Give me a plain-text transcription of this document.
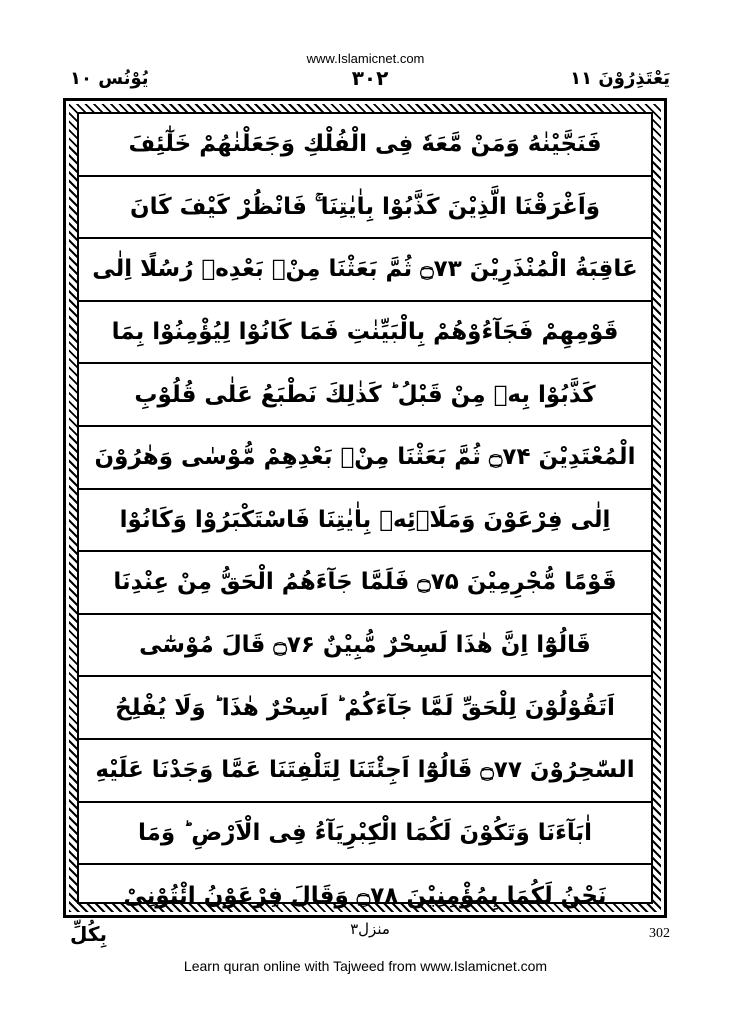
www.Islamicnet.com
یُوْنُس ۱۰	۳۰۲	یَعْتَذِرُوْنَ ۱۱
فَنَجَّيْنٰهُ وَمَنْ مَّعَهٗ فِى الْفُلْكِ وَجَعَلْنٰهُمْ خَلٰٓئِفَ
وَاَغْرَقْنَا الَّذِيْنَ كَذَّبُوْا بِاٰيٰتِنَا ۚ فَانْظُرْ كَيْفَ كَانَ
عَاقِبَةُ الْمُنْذَرِيْنَ ۝۷۳ ثُمَّ بَعَثْنَا مِنْۢ بَعْدِهٖ رُسُلًا اِلٰى
قَوْمِهِمْ فَجَآءُوْهُمْ بِالْبَيِّنٰتِ فَمَا كَانُوْا لِيُؤْمِنُوْا بِمَا
كَذَّبُوْا بِهٖ مِنْ قَبْلُ ؕ كَذٰلِكَ نَطْبَعُ عَلٰى قُلُوْبِ
الْمُعْتَدِيْنَ ۝۷۴ ثُمَّ بَعَثْنَا مِنْۢ بَعْدِهِمْ مُّوْسٰى وَهٰرُوْنَ
اِلٰى فِرْعَوْنَ وَمَلَا۟ئِهٖ بِاٰيٰتِنَا فَاسْتَكْبَرُوْا وَكَانُوْا
قَوْمًا مُّجْرِمِيْنَ ۝۷۵ فَلَمَّا جَآءَهُمُ الْحَقُّ مِنْ عِنْدِنَا
قَالُوْٓا اِنَّ هٰذَا لَسِحْرٌ مُّبِيْنٌ ۝۷۶ قَالَ مُوْسٰٓى
اَتَقُوْلُوْنَ لِلْحَقِّ لَمَّا جَآءَكُمْ ؕ اَسِحْرٌ هٰذَا ؕ وَلَا يُفْلِحُ
السّٰحِرُوْنَ ۝۷۷ قَالُوْٓا اَجِئْتَنَا لِتَلْفِتَنَا عَمَّا وَجَدْنَا عَلَيْهِ
اٰبَآءَنَا وَتَكُوْنَ لَكُمَا الْكِبْرِيَآءُ فِى الْاَرْضِ ؕ وَمَا
نَحْنُ لَكُمَا بِمُؤْمِنِيْنَ ۝۷۸ وَقَالَ فِرْعَوْنُ ائْتُوْنِىْ
بِكُلِّ	منزل۳	302
Learn quran online with Tajweed from www.Islamicnet.com
